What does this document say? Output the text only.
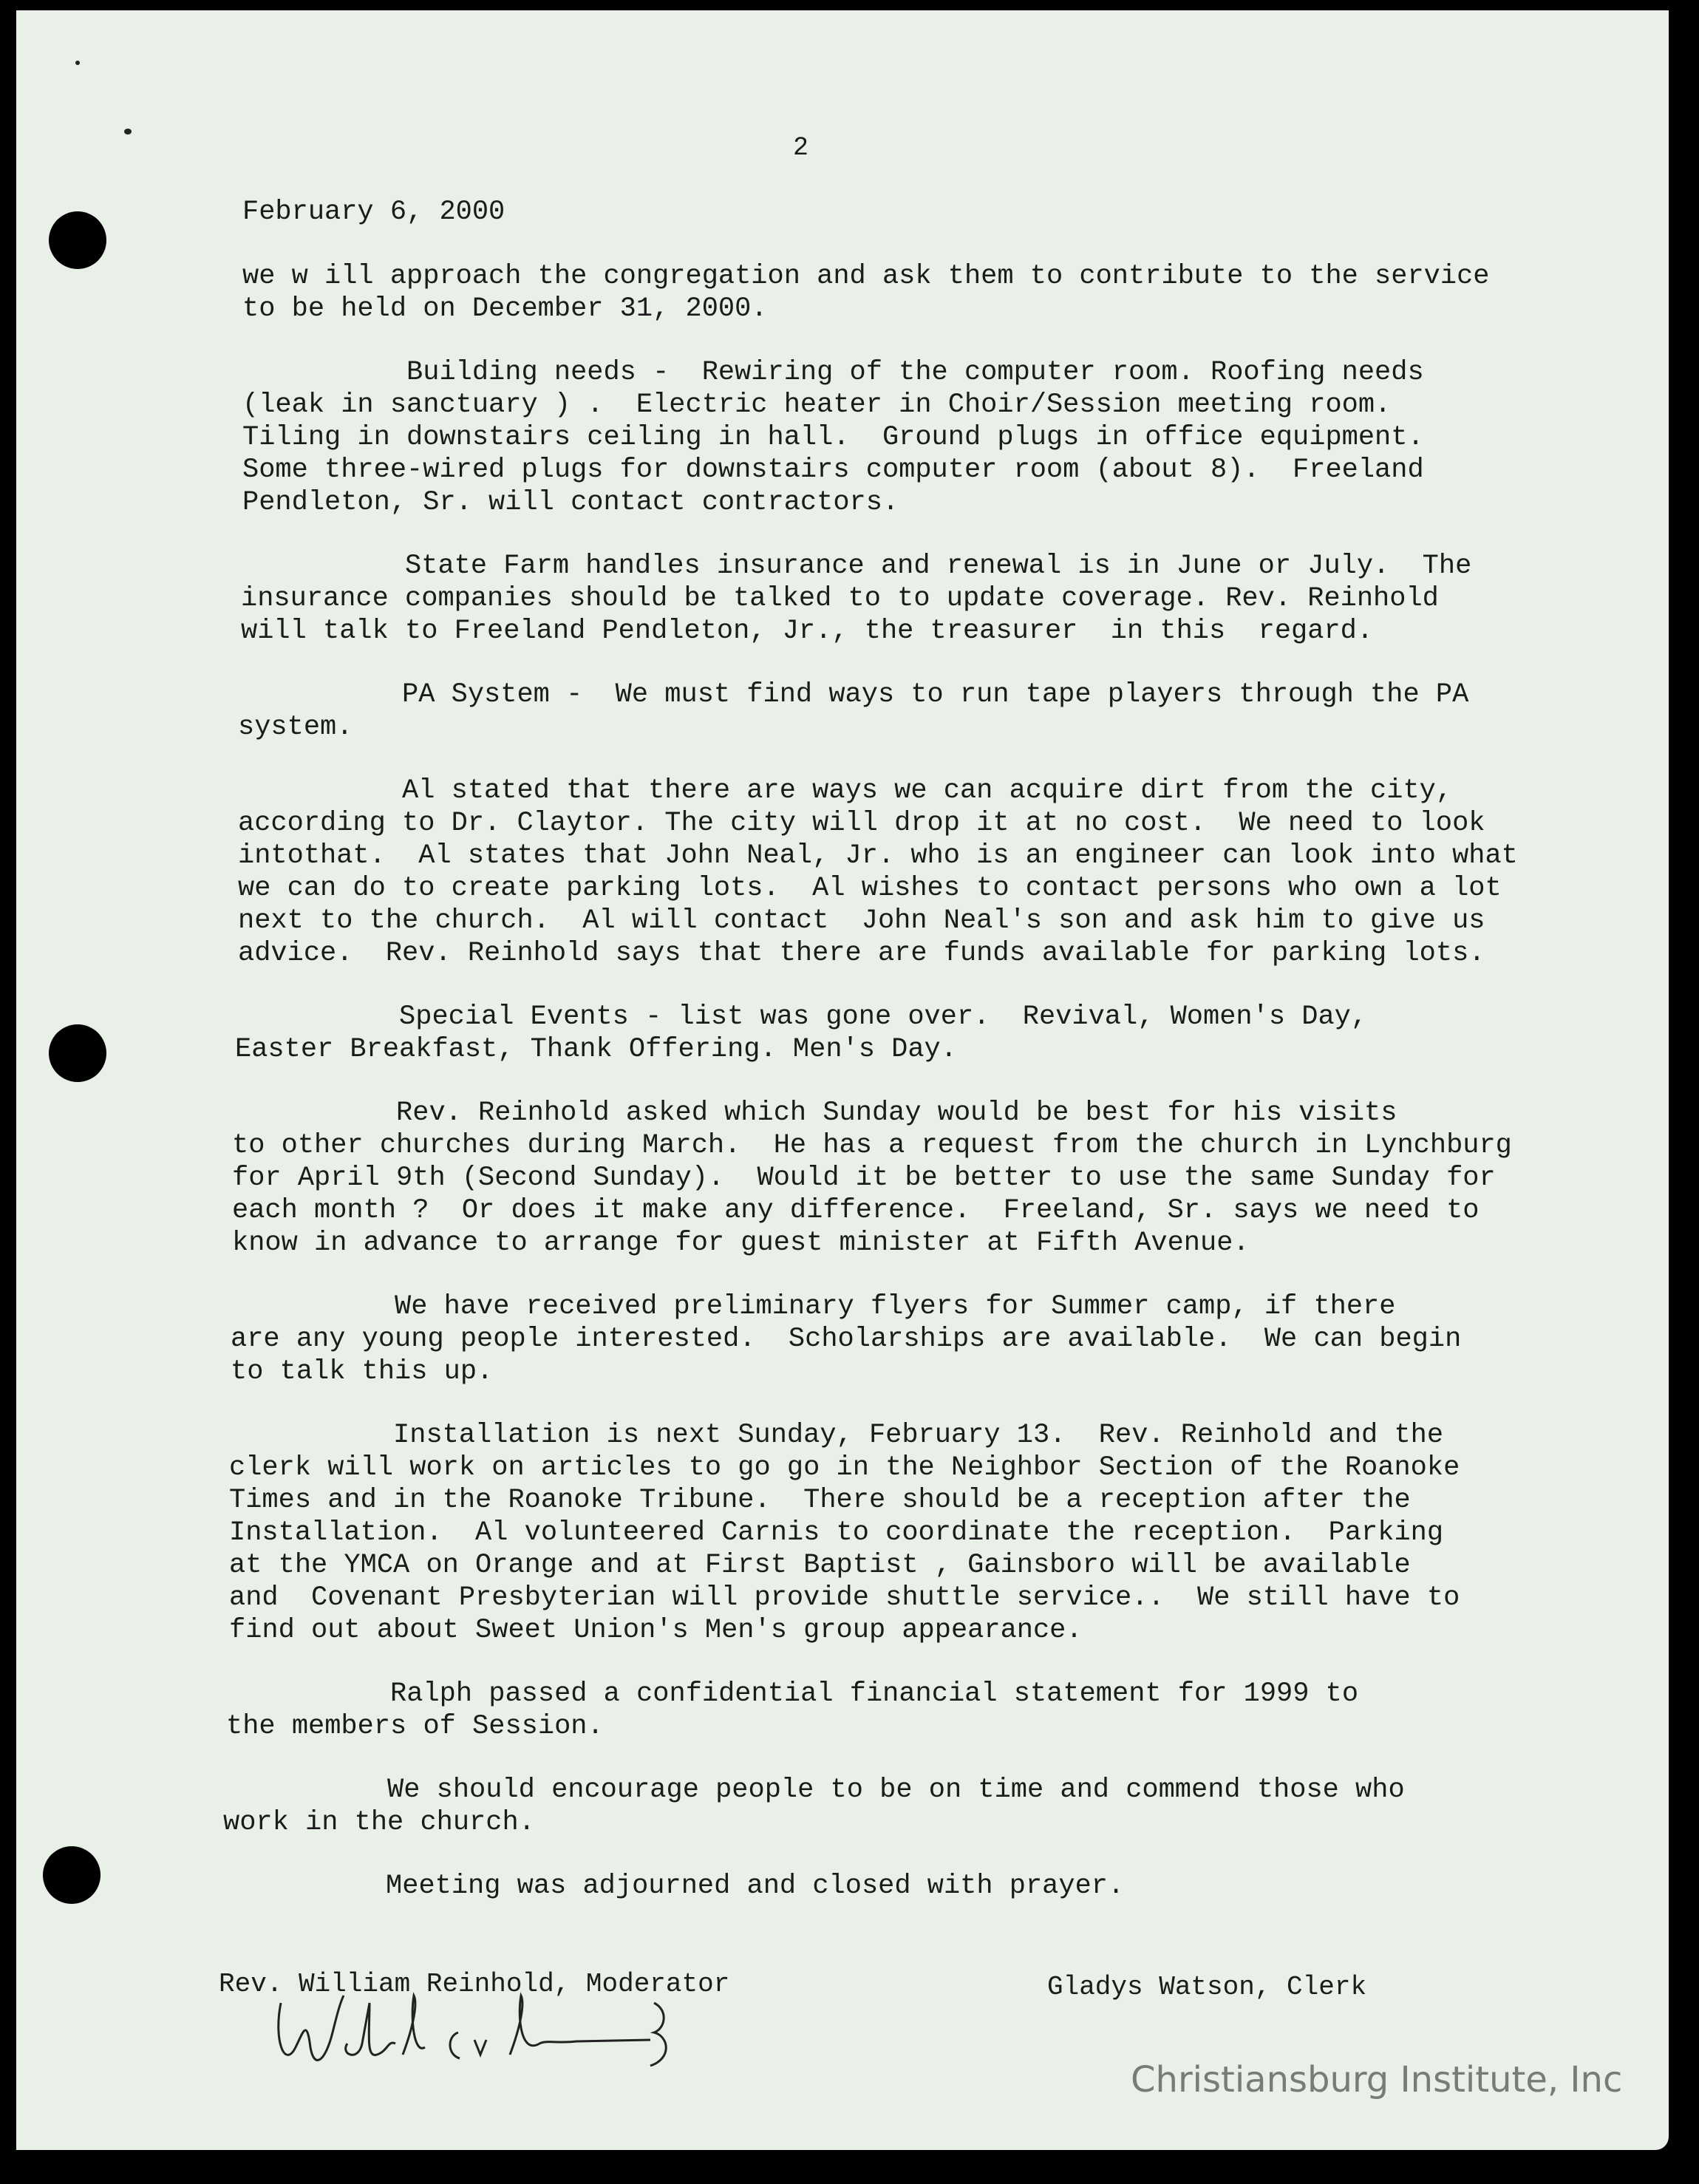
2
February 6, 2000
we w ill approach the congregation and ask them to contribute to the service
to be held on December 31, 2000.
Building needs -  Rewiring of the computer room. Roofing needs
(leak in sanctuary ) .  Electric heater in Choir/Session meeting room.
Tiling in downstairs ceiling in hall.  Ground plugs in office equipment.
Some three-wired plugs for downstairs computer room (about 8).  Freeland
Pendleton, Sr. will contact contractors.
State Farm handles insurance and renewal is in June or July.  The
insurance companies should be talked to to update coverage. Rev. Reinhold
will talk to Freeland Pendleton, Jr., the treasurer  in this  regard.
PA System -  We must find ways to run tape players through the PA
system.
Al stated that there are ways we can acquire dirt from the city,
according to Dr. Claytor. The city will drop it at no cost.  We need to look
intothat.  Al states that John Neal, Jr. who is an engineer can look into what
we can do to create parking lots.  Al wishes to contact persons who own a lot
next to the church.  Al will contact  John Neal's son and ask him to give us
advice.  Rev. Reinhold says that there are funds available for parking lots.
Special Events - list was gone over.  Revival, Women's Day,
Easter Breakfast, Thank Offering. Men's Day.
Rev. Reinhold asked which Sunday would be best for his visits
to other churches during March.  He has a request from the church in Lynchburg
for April 9th (Second Sunday).  Would it be better to use the same Sunday for
each month ?  Or does it make any difference.  Freeland, Sr. says we need to
know in advance to arrange for guest minister at Fifth Avenue.
We have received preliminary flyers for Summer camp, if there
are any young people interested.  Scholarships are available.  We can begin
to talk this up.
Installation is next Sunday, February 13.  Rev. Reinhold and the
clerk will work on articles to go go in the Neighbor Section of the Roanoke
Times and in the Roanoke Tribune.  There should be a reception after the
Installation.  Al volunteered Carnis to coordinate the reception.  Parking
at the YMCA on Orange and at First Baptist , Gainsboro will be available
and  Covenant Presbyterian will provide shuttle service..  We still have to
find out about Sweet Union's Men's group appearance.
Ralph passed a confidential financial statement for 1999 to
the members of Session.
We should encourage people to be on time and commend those who
work in the church.
Meeting was adjourned and closed with prayer.
Rev. William Reinhold, Moderator	Gladys Watson, Clerk
Christiansburg Institute, Inc
